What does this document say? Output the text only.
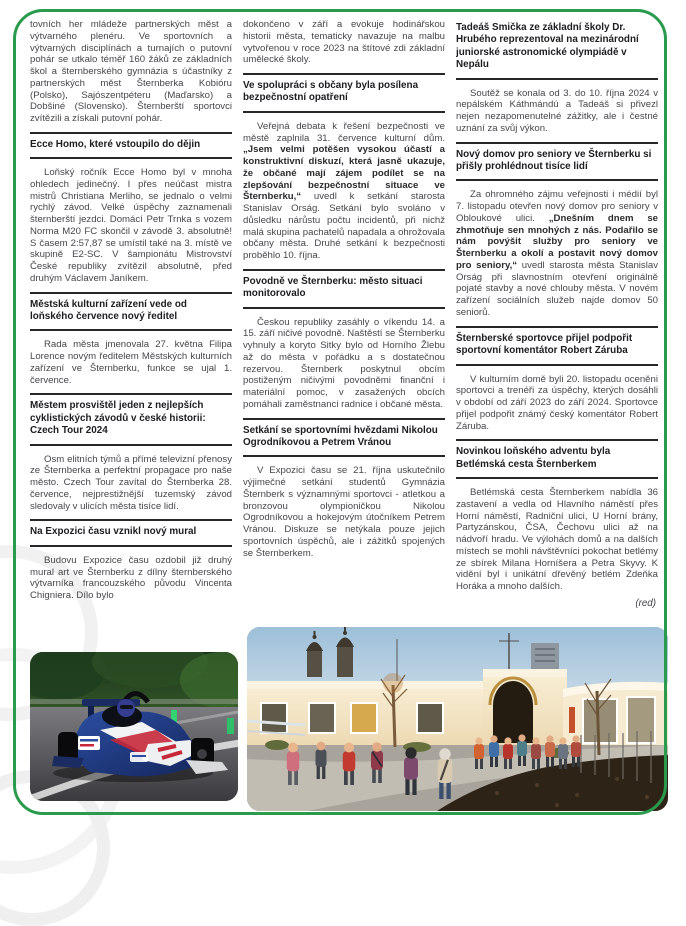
tovních her mládeže partnerských měst a výtvarného plenéru. Ve sportovních a výtvarných disciplínách a turnajích o putovní pohár se utkalo téměř 160 žáků ze základních škol a šternberského gymnázia s účastníky z partnerských měst Šternberka Kobióru (Polsko), Sajószentpéteru (Maďarsko) a Dobšiné (Slovensko). Šternberští sportovci zvítězili a získali putovní pohár.

Ecce Homo, které vstoupilo do dějin

Loňský ročník Ecce Homo byl v mnoha ohledech jedinečný. I přes neúčast mistra mistrů Christiana Merliho, se jednalo o velmi rychlý závod. Velké úspěchy zaznamenali šternberští jezdci. Domácí Petr Trnka s vozem Norma M20 FC skončil v závodě 3. absolutně! S časem 2:57,87 se umístil také na 3. místě ve skupině E2-SC. V šampionátu Mistrovství České republiky zvítězil absolutně, před druhým Václavem Janíkem.

Městská kulturní zařízení vede od loňského července nový ředitel

Rada města jmenovala 27. května Filipa Lorence novým ředitelem Městských kulturních zařízení ve Šternberku, funkce se ujal 1. července.

Městem prosvištěl jeden z nejlepších cyklistických závodů v české historii: Czech Tour 2024

Osm elitních týmů a přímé televizní přenosy ze Šternberka a perfektní propagace pro naše město. Czech Tour zavítal do Šternberka 28. července, nejprestižnější tuzemský závod sledovaly v ulicích města tisíce lidí.

Na Expozici času vznikl nový mural

Budovu Expozice času ozdobil již druhý mural art ve Šternberku z dílny šternberského výtvarníka francouzského původu Vincenta Chigniera. Dílo bylo

dokončeno v září a evokuje hodinářskou historii města, tematicky navazuje na malbu vytvořenou v roce 2023 na štítové zdi základní umělecké školy.

Ve spolupráci s občany byla posílena bezpečnostní opatření

Veřejná debata k řešení bezpečnosti ve městě zaplnila 31. července kulturní dům. „Jsem velmi potěšen vysokou účastí a konstruktivní diskuzí, která jasně ukazuje, že občané mají zájem podílet se na zlepšování bezpečnostní situace ve Šternberku,“ uvedl k setkání starosta Stanislav Orság. Setkání bylo svoláno v důsledku nárůstu počtu incidentů, při nichž malá skupina pachatelů napadala a ohrožovala občany města. Druhé setkání k bezpečnosti proběhlo 10. října.

Povodně ve Šternberku: město situaci monitorovalo

Českou republiky zasáhly o víkendu 14. a 15. září ničivé povodně. Naštěstí se Šternberku vyhnuly a koryto Sitky bylo od Horního Žlebu až do města v pořádku a s dostatečnou rezervou. Šternberk poskytnul obcím postiženým ničivými povodněmi finanční i materiální pomoc, v zasažených obcích pomáhali zaměstnanci radnice i občané města.

Setkání se sportovními hvězdami Nikolou Ogrodníkovou a Petrem Vránou

V Expozici času se 21. října uskutečnilo výjimečné setkání studentů Gymnázia Šternberk s významnými sportovci - atletkou a bronzovou olympioničkou Nikolou Ogrodníkovou a hokejovým útočníkem Petrem Vránou. Diskuze se netýkala pouze jejich sportovních úspěchů, ale i zážitků spojených se Šternberkem.

Tadeáš Smička ze základní školy Dr. Hrubého reprezentoval na mezinárodní juniorské astronomické olympiádě v Nepálu

Soutěž se konala od 3. do 10. října 2024 v nepálském Káthmándú a Tadeáš si přivezl nejen nezapomenutelné zážitky, ale i čestné uznání za svůj výkon.

Nový domov pro seniory ve Šternberku si přišly prohlédnout tisíce lidí

Za ohromného zájmu veřejnosti i médií byl 7. listopadu otevřen nový domov pro seniory v Obloukové ulici. „Dnešním dnem se zhmotňuje sen mnohých z nás. Podařilo se nám povýšit služby pro seniory ve Šternberku a okolí a postavit nový domov pro seniory,“ uvedl starosta města Stanislav Orság při slavnostním otevření originálně pojaté stavby a nové chlouby města. V novém zařízení sociálních služeb najde domov 50 seniorů.

Šternberské sportovce přijel podpořit sportovní komentátor Robert Záruba

V kulturním domě byli 20. listopadu oceněni sportovci a trenéři za úspěchy, kterých dosáhli v období od září 2023 do září 2024. Sportovce přijel podpořit známý český komentátor Robert Záruba.

Novinkou loňského adventu byla Betlémská cesta Šternberkem

Betlémská cesta Šternberkem nabídla 36 zastavení a vedla od Hlavního náměstí přes Horní náměstí, Radniční ulici, U Horní brány, Partyzánskou, ČSA, Čechovu ulici až na nádvoří hradu. Ve výlohách domů a na dalších místech se mohli návštěvníci pokochat betlémy ze sbírek Milana Horníšera a Petra Skyvy. K vidění byl i unikátní dřevěný betlém Zdeňka Horáka a mnoho dalších.

(red)
